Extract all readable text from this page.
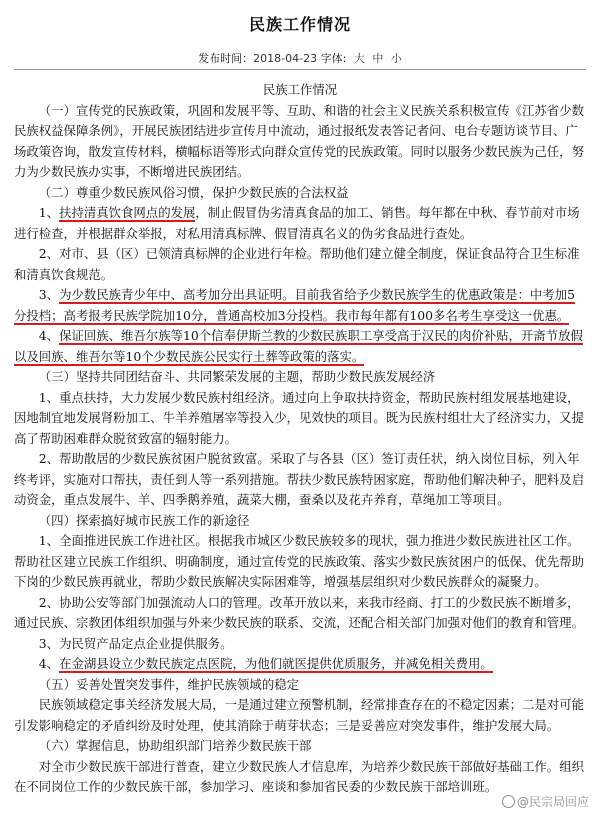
民族工作情况
发布时间：2018-04-23 字体: 大 中 小

民族工作情况

（一）宣传党的民族政策，巩固和发展平等、互助、和谐的社会主义民族关系积极宣传《江苏省少数民族权益保障条例》，开展民族团结进步宣传月中流动，通过报纸发表答记者问、电台专题访谈节目、广场政策咨询，散发宣传材料，横幅标语等形式向群众宣传党的民族政策。同时以服务少数民族为己任，努力为少数民族办实事，不断增进民族团结。

（二）尊重少数民族风俗习惯，保护少数民族的合法权益

1、扶持清真饮食网点的发展，制止假冒伪劣清真食品的加工、销售。每年都在中秋、春节前对市场进行检查，并根据群众举报，对私用清真标牌、假冒清真名义的伪劣食品进行查处。

2、对市、县（区）已领清真标牌的企业进行年检。帮助他们建立健全制度，保证食品符合卫生标准和清真饮食规范。

3、为少数民族青少年中、高考加分出具证明。目前我省给予少数民族学生的优惠政策是：中考加5分投档；高考报考民族学院加10分，普通高校加3分投档。我市每年都有100多名考生享受这一优惠。

4、保证回族、维吾尔族等10个信奉伊斯兰教的少数民族职工享受高于汉民的肉价补贴，开斋节放假以及回族、维吾尔等10个少数民族公民实行土葬等政策的落实。

（三）坚持共同团结奋斗、共同繁荣发展的主题，帮助少数民族发展经济

1、重点扶持，大力发展少数民族村组经济。通过向上争取扶持资金，帮助民族村组发展基地建设，因地制宜地发展肾粉加工、牛羊养殖屠宰等投入少，见效快的项目。既为民族村组壮大了经济实力，又提高了帮助困难群众脱贫致富的辐射能力。

2、帮助散居的少数民族贫困户脱贫致富。采取了与各县（区）签订责任状，纳入岗位目标，列入年终考评，实施对口帮扶，责任到人等一系列措施。帮扶少数民族特困家庭，帮助他们解决种子，肥料及启动资金，重点发展牛、羊、四季鹅养殖，蔬菜大棚，蚕桑以及花卉养育，草绳加工等项目。

（四）探索搞好城市民族工作的新途径

1、全面推进民族工作进社区。根据我市城区少数民族较多的现状，强力推进少数民族进社区工作。帮助社区建立民族工作组织、明确制度，通过宣传党的民族政策、落实少数民族贫困户的低保、优先帮助下岗的少数民族再就业，帮助少数民族解决实际困难等，增强基层组织对少数民族群众的凝聚力。

2、协助公安等部门加强流动人口的管理。改革开放以来，来我市经商、打工的少数民族不断增多，通过民族、宗教团体组织加强与外来少数民族的联系、交流，还配合相关部门加强对他们的教育和管理。

3、为民贸产品定点企业提供服务。

4、在金湖县设立少数民族定点医院，为他们就医提供优质服务，并减免相关费用。

（五）妥善处置突发事件，维护民族领域的稳定

民族领域稳定事关经济发展大局，一是通过建立预警机制，经常排查存在的不稳定因素；二是对可能引发影响稳定的矛盾纠纷及时处理，使其消除于萌芽状态；三是妥善应对突发事件，维护发展大局。

（六）掌握信息，协助组织部门培养少数民族干部

对全市少数民族干部进行普查，建立少数民族人才信息库，为培养少数民族干部做好基础工作。组织在不同岗位工作的少数民族干部，参加学习、座谈和参加省民委的少数民族干部培训班。

@民宗局回应
